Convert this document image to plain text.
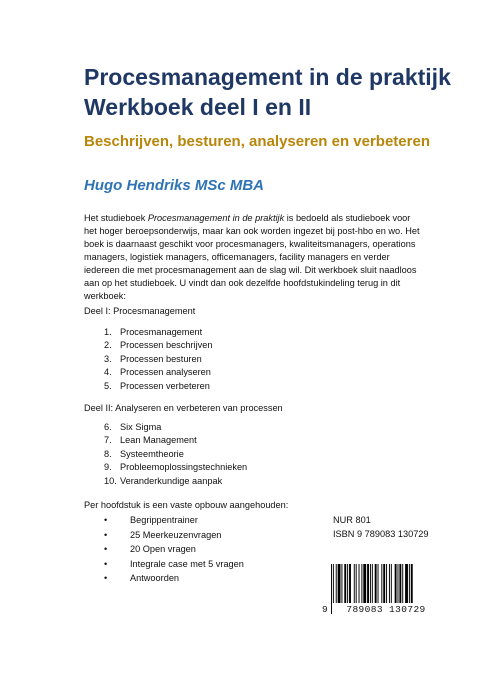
Procesmanagement in de praktijk
Werkboek deel I en II
Beschrijven, besturen, analyseren en verbeteren
Hugo Hendriks MSc MBA
Het studieboek Procesmanagement in de praktijk is bedoeld als studieboek voor het hoger beroepsonderwijs, maar kan ook worden ingezet bij post-hbo en wo. Het boek is daarnaast geschikt voor procesmanagers, kwaliteitsmanagers, operations managers, logistiek managers, officemanagers, facility managers en verder iedereen die met procesmanagement aan de slag wil. Dit werkboek sluit naadloos aan op het studieboek. U vindt dan ook dezelfde hoofdstukindeling terug in dit werkboek:
Deel I: Procesmanagement
1. Procesmanagement
2. Processen beschrijven
3. Processen besturen
4. Processen analyseren
5. Processen verbeteren
Deel II: Analyseren en verbeteren van processen
6. Six Sigma
7. Lean Management
8. Systeemtheorie
9. Probleemoplossingstechnieken
10. Veranderkundige aanpak
Per hoofdstuk is een vaste opbouw aangehouden:
•	Begrippentrainer
•	25 Meerkeuzenvragen
•	20 Open vragen
•	Integrale case met 5 vragen
•	Antwoorden
NUR 801
ISBN 9 789083 130729
9	789083 130729
